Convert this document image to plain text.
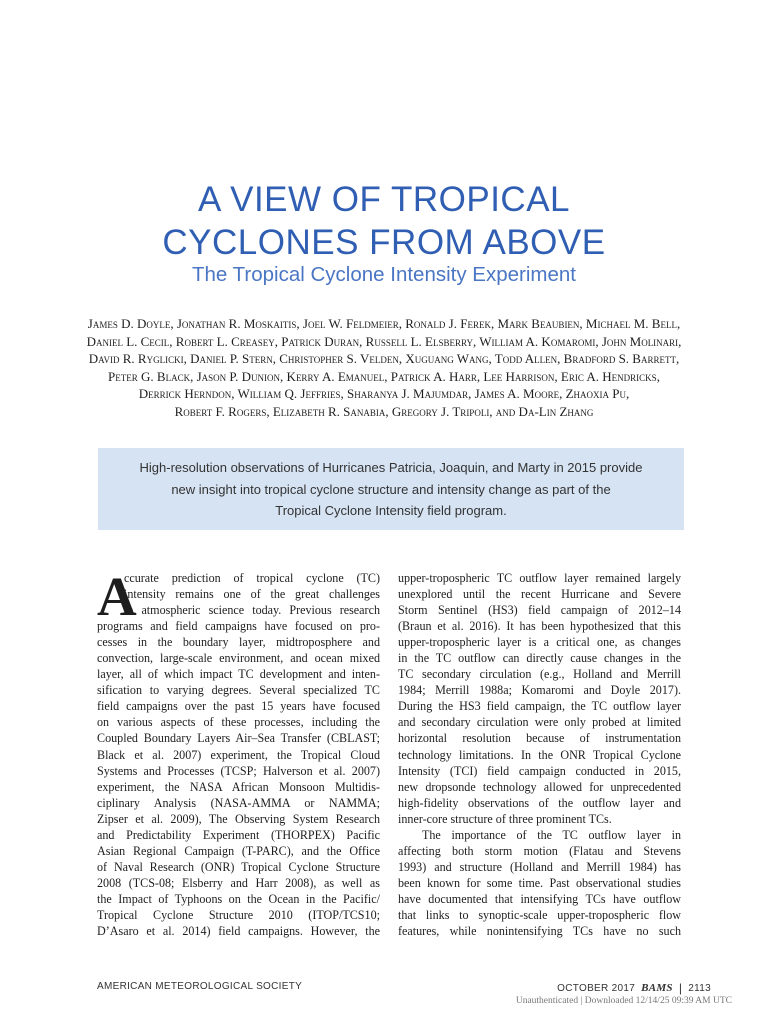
A VIEW OF TROPICAL
CYCLONES FROM ABOVE
The Tropical Cyclone Intensity Experiment
James D. Doyle, Jonathan R. Moskaitis, Joel W. Feldmeier, Ronald J. Ferek, Mark Beaubien, Michael M. Bell,
Daniel L. Cecil, Robert L. Creasey, Patrick Duran, Russell L. Elsberry, William A. Komaromi, John Molinari,
David R. Ryglicki, Daniel P. Stern, Christopher S. Velden, Xuguang Wang, Todd Allen, Bradford S. Barrett,
Peter G. Black, Jason P. Dunion, Kerry A. Emanuel, Patrick A. Harr, Lee Harrison, Eric A. Hendricks,
Derrick Herndon, William Q. Jeffries, Sharanya J. Majumdar, James A. Moore, Zhaoxia Pu,
Robert F. Rogers, Elizabeth R. Sanabia, Gregory J. Tripoli, and Da-Lin Zhang
High-resolution observations of Hurricanes Patricia, Joaquin, and Marty in 2015 provide
new insight into tropical cyclone structure and intensity change as part of the
Tropical Cyclone Intensity field program.
A
ccurate prediction of tropical cyclone (TC)
intensity remains one of the great challenges
in atmospheric science today. Previous research
programs and field campaigns have focused on pro-
cesses in the boundary layer, midtroposphere and
convection, large-scale environment, and ocean mixed
layer, all of which impact TC development and inten-
sification to varying degrees. Several specialized TC
field campaigns over the past 15 years have focused
on various aspects of these processes, including the
Coupled Boundary Layers Air–Sea Transfer (CBLAST;
Black et al. 2007) experiment, the Tropical Cloud
Systems and Processes (TCSP; Halverson et al. 2007)
experiment, the NASA African Monsoon Multidis-
ciplinary Analysis (NASA-AMMA or NAMMA;
Zipser et al. 2009), The Observing System Research
and Predictability Experiment (THORPEX) Pacific
Asian Regional Campaign (T-PARC), and the Office
of Naval Research (ONR) Tropical Cyclone Structure
2008 (TCS-08; Elsberry and Harr 2008), as well as
the Impact of Typhoons on the Ocean in the Pacific/
Tropical Cyclone Structure 2010 (ITOP/TCS10;
D’Asaro et al. 2014) field campaigns. However, the
upper-tropospheric TC outflow layer remained largely
unexplored until the recent Hurricane and Severe
Storm Sentinel (HS3) field campaign of 2012–14
(Braun et al. 2016). It has been hypothesized that this
upper-tropospheric layer is a critical one, as changes
in the TC outflow can directly cause changes in the
TC secondary circulation (e.g., Holland and Merrill
1984; Merrill 1988a; Komaromi and Doyle 2017).
During the HS3 field campaign, the TC outflow layer
and secondary circulation were only probed at limited
horizontal resolution because of instrumentation
technology limitations. In the ONR Tropical Cyclone
Intensity (TCI) field campaign conducted in 2015,
new dropsonde technology allowed for unprecedented
high-fidelity observations of the outflow layer and
inner-core structure of three prominent TCs.
The importance of the TC outflow layer in
affecting both storm motion (Flatau and Stevens
1993) and structure (Holland and Merrill 1984) has
been known for some time. Past observational studies
have documented that intensifying TCs have outflow
that links to synoptic-scale upper-tropospheric flow
features, while nonintensifying TCs have no such
AMERICAN METEOROLOGICAL SOCIETY	OCTOBER 2017 BAMS | 2113
Unauthenticated | Downloaded 12/14/25 09:39 AM UTC
